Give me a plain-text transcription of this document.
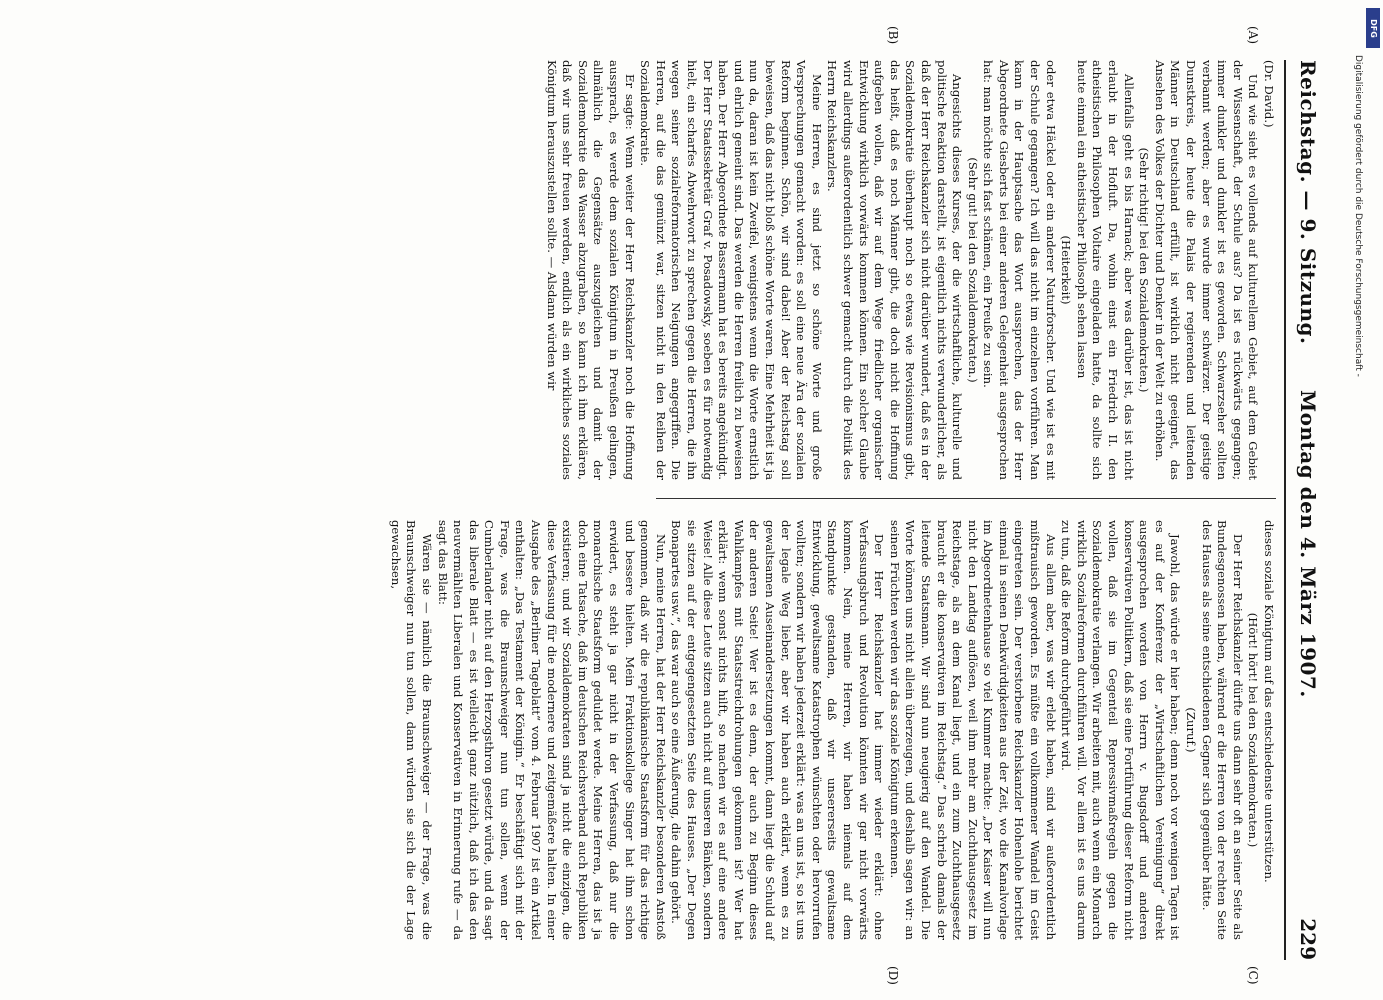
Reichstag. — 9. Sitzung.
Montag den 4. März 1907.
229
(A)
(B)
(C)
(D)

(Dr. David.)

Und wie sieht es vollends auf kulturellem Gebiet, auf dem Gebiet der Wissenschaft, der Schule aus? Da ist es rückwärts gegangen; immer dunkler und dunkler ist es geworden. Schwarzseher sollten verbannt werden; aber es wurde immer schwärzer. Der geistige Dunstkreis, der heute die Palais der regierenden und leitenden Männer in Deutschland erfüllt, ist wirklich nicht geeignet, das Ansehen des Volkes der Dichter und Denker in der Welt zu erhöhen.

(Sehr richtig! bei den Sozialdemokraten.)

Allenfalls geht es bis Harnack; aber was darüber ist, das ist nicht erlaubt in der Hofluft. Da, wohin einst ein Friedrich II. den atheistischen Philosophen Voltaire eingeladen hatte, da sollte sich heute einmal ein atheistischer Philosoph sehen lassen

(Heiterkeit)

oder etwa Häckel oder ein anderer Naturforscher. Und wie ist es mit der Schule gegangen? Ich will das nicht im einzelnen vorführen. Man kann in der Hauptsache das Wort aussprechen, das der Herr Abgeordnete Giesberts bei einer anderen Gelegenheit ausgesprochen hat: man möchte sich fast schämen, ein Preuße zu sein.

(Sehr gut! bei den Sozialdemokraten.)

Angesichts dieses Kurses, der die wirtschaftliche, kulturelle und politische Reaktion darstellt, ist eigentlich nichts verwunderlicher, als daß der Herr Reichskanzler sich nicht darüber wundert, daß es in der Sozialdemokratie überhaupt noch so etwas wie Revisionismus gibt, das heißt, daß es noch Männer gibt, die doch nicht die Hoffnung aufgeben wollen, daß wir auf dem Wege friedlicher organischer Entwicklung wirklich vorwärts kommen können. Ein solcher Glaube wird allerdings außerordentlich schwer gemacht durch die Politik des Herrn Reichskanzlers.

Meine Herren, es sind jetzt so schöne Worte und große Versprechungen gemacht worden: es soll eine neue Ära der sozialen Reform beginnen. Schön, wir sind dabei! Aber der Reichstag soll beweisen, daß das nicht bloß schöne Worte waren. Eine Mehrheit ist ja nun da, daran ist kein Zweifel, wenigstens wenn die Worte ernstlich und ehrlich gemeint sind. Das werden die Herren freilich zu beweisen haben. Der Herr Abgeordnete Bassermann hat es bereits angekündigt. Der Herr Staatssekretär Graf v. Posadowsky, soeben es für notwendig hielt, ein scharfes Abwehrwort zu sprechen gegen die Herren, die ihn wegen seiner sozialreformatorischen Neigungen angegriffen. Die Herren, auf die das gemünzt war, sitzen nicht in den Reihen der Sozialdemokratie.

Er sagte: Wenn weiter der Herr Reichskanzler noch die Hoffnung aussprach, es werde dem sozialen Königtum in Preußen gelingen, allmählich die Gegensätze auszugleichen und damit der Sozialdemokratie das Wasser abzugraben, so kann ich ihm erklären, daß wir uns sehr freuen werden, endlich als ein wirkliches soziales Königtum herauszustellen sollte. — Alsdann würden wir

dieses soziale Königtum auf das entschiedenste unterstützen.

(Hört! hört! bei den Sozialdemokraten.)

Der Herr Reichskanzler dürfte uns dann sehr oft an seiner Seite als Bundesgenossen haben, während er die Herren von der rechten Seite des Hauses als seine entschiedenen Gegner sich gegenüber hätte.

(Zuruf.)

Jawohl, das würde er hier haben; denn noch vor wenigen Tagen ist es auf der Konferenz der „Wirtschaftlichen Vereinigung“ direkt ausgesprochen worden von Herrn v. Bugsdorff und anderen konservativen Politikern, daß sie eine Fortführung dieser Reform nicht wollen, daß sie im Gegenteil Repressivmaßregeln gegen die Sozialdemokratie verlangen. Wir arbeiten mit, auch wenn ein Monarch wirklich Sozialreformen durchführen will. Vor allem ist es uns darum zu tun, daß die Reform durchgeführt wird.

Aus allem aber, was wir erlebt haben, sind wir außerordentlich mißtrauisch geworden. Es müßte ein vollkommener Wandel im Geist eingetreten sein. Der verstorbene Reichskanzler Hohenlohe berichtet einmal in seinen Denkwürdigkeiten aus der Zeit, wo die Kanalvorlage im Abgeordnetenhause so viel Kummer machte: „Der Kaiser will nun nicht den Landtag auflösen, weil ihm mehr am Zuchthausgesetz im Reichstage, als an dem Kanal liegt, und ein zum Zuchthausgesetz braucht er die konservativen im Reichstag.“ Das schrieb damals der leitende Staatsmann. Wir sind nun neugierig auf den Wandel. Die Worte können uns nicht allein überzeugen, und deshalb sagen wir: an seinen Früchten werden wir das soziale Königtum erkennen.

Der Herr Reichskanzler hat immer wieder erklärt: ohne Verfassungsbruch und Revolution könnten wir gar nicht vorwärts kommen. Nein, meine Herren, wir haben niemals auf dem Standpunkte gestanden, daß wir unsererseits gewaltsame Entwicklung, gewaltsame Katastrophen wünschten oder hervorrufen wollten; sondern wir haben jederzeit erklärt: was an uns ist, so ist uns der legale Weg lieber, aber wir haben auch erklärt, wenn es zu gewaltsamen Auseinandersetzungen kommt, dann liegt die Schuld auf der anderen Seite! Wer ist es denn, der auch zu Beginn dieses Wahlkampfes mit Staatsstreichdrohungen gekommen ist? Wer hat erklärt: wenn sonst nichts hilft, so machen wir es auf eine andere Weise! Alle diese Leute sitzen auch nicht auf unseren Bänken, sondern sie sitzen auf der entgegengesetzten Seite des Hauses. „Der Degen Bonapartes usw.“, das war auch so eine Äußerung, die dahin gehört.

Nun, meine Herren, hat der Herr Reichskanzler besonderen Anstoß genommen, daß wir die republikanische Staatsform für das richtige und bessere hielten. Mein Fraktionskollege Singer hat ihm schon erwidert, es steht ja gar nicht in der Verfassung, daß nur die monarchische Staatsform geduldet werde. Meine Herren, das ist ja doch eine Tatsache, daß im deutschen Reichsverband auch Republiken existieren; und wir Sozialdemokraten sind ja nicht die einzigen, die diese Verfassung für die modernere und zeitgemäßere halten. In einer Ausgabe des „Berliner Tageblatt“ vom 4. Februar 1907 ist ein Artikel enthalten: „Das Testament der Königin.“ Er beschäftigt sich mit der Frage, was die Braunschweiger nun tun sollen, wenn der Cumberlander nicht auf den Herzogsthron gesetzt würde, und da sagt das liberale Blatt — es ist vielleicht ganz nützlich, daß ich das den neuvermählten Liberalen und Konservativen in Erinnerung rufe — da sagt das Blatt:

Wären sie — nämlich die Braunschweiger — der Frage, was die Braunschweiger nun tun sollen, dann würden sie sich die der Lage gewachsen,

DFG
Digitalisierung gefördert durch die Deutsche Forschungsgemeinschaft -
